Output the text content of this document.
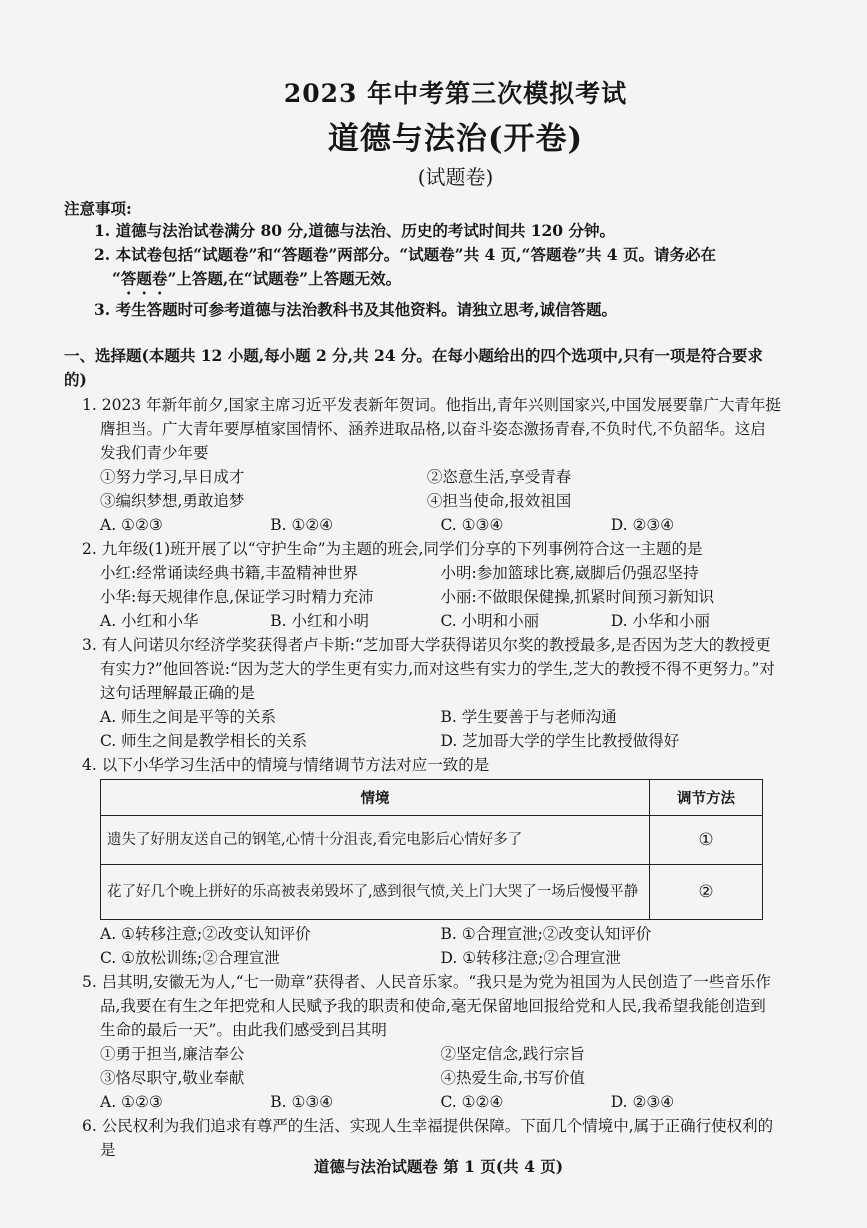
2023 年中考第三次模拟考试
道德与法治(开卷)
(试题卷)
注意事项:
1. 道德与法治试卷满分 80 分,道德与法治、历史的考试时间共 120 分钟。
2. 本试卷包括“试题卷”和“答题卷”两部分。“试题卷”共 4 页,“答题卷”共 4 页。请务必在
“答题卷”上答题,在“试题卷”上答题无效。
3. 考生答题时可参考道德与法治教科书及其他资料。请独立思考,诚信答题。
一、选择题(本题共 12 小题,每小题 2 分,共 24 分。在每小题给出的四个选项中,只有一项是符合要求的)
1. 2023 年新年前夕,国家主席习近平发表新年贺词。他指出,青年兴则国家兴,中国发展要靠广大青年挺膺担当。广大青年要厚植家国情怀、涵养进取品格,以奋斗姿态激扬青春,不负时代,不负韶华。这启发我们青少年要
①努力学习,早日成才	②恣意生活,享受青春
③编织梦想,勇敢追梦	④担当使命,报效祖国
A. ①②③	B. ①②④	C. ①③④	D. ②③④
2. 九年级(1)班开展了以“守护生命”为主题的班会,同学们分享的下列事例符合这一主题的是
小红:经常诵读经典书籍,丰盈精神世界	小明:参加篮球比赛,崴脚后仍强忍坚持
小华:每天规律作息,保证学习时精力充沛	小丽:不做眼保健操,抓紧时间预习新知识
A. 小红和小华	B. 小红和小明	C. 小明和小丽	D. 小华和小丽
3. 有人问诺贝尔经济学奖获得者卢卡斯:“芝加哥大学获得诺贝尔奖的教授最多,是否因为芝大的教授更有实力?”他回答说:“因为芝大的学生更有实力,而对这些有实力的学生,芝大的教授不得不更努力。”对这句话理解最正确的是
A. 师生之间是平等的关系	B. 学生要善于与老师沟通
C. 师生之间是教学相长的关系	D. 芝加哥大学的学生比教授做得好
4. 以下小华学习生活中的情境与情绪调节方法对应一致的是
情境	调节方法
遗失了好朋友送自己的钢笔,心情十分沮丧,看完电影后心情好多了	①
花了好几个晚上拼好的乐高被表弟毁坏了,感到很气愤,关上门大哭了一场后慢慢平静	②
A. ①转移注意;②改变认知评价	B. ①合理宣泄;②改变认知评价
C. ①放松训练;②合理宣泄	D. ①转移注意;②合理宣泄
5. 吕其明,安徽无为人,“七一勋章”获得者、人民音乐家。“我只是为党为祖国为人民创造了一些音乐作品,我要在有生之年把党和人民赋予我的职责和使命,毫无保留地回报给党和人民,我希望我能创造到生命的最后一天”。由此我们感受到吕其明
①勇于担当,廉洁奉公	②坚定信念,践行宗旨
③恪尽职守,敬业奉献	④热爱生命,书写价值
A. ①②③	B. ①③④	C. ①②④	D. ②③④
6. 公民权利为我们追求有尊严的生活、实现人生幸福提供保障。下面几个情境中,属于正确行使权利的是
道德与法治试题卷 第 1 页(共 4 页)
